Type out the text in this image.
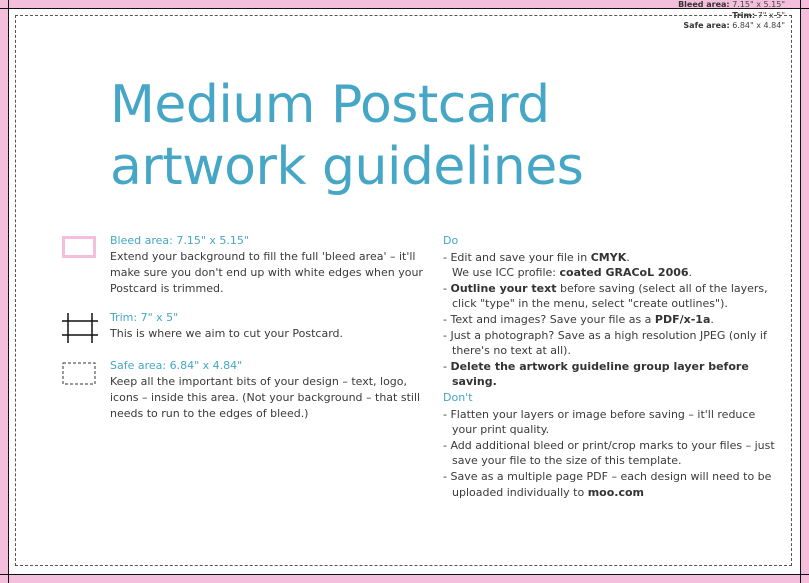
Bleed area: 7.15" x 5.15"
Trim: 7" x 5"
Safe area: 6.84" x 4.84"
Medium Postcard
artwork guidelines
Bleed area: 7.15" x 5.15"
Extend your background to fill the full 'bleed area' – it'll make sure you don't end up with white edges when your Postcard is trimmed.
Trim: 7" x 5"
This is where we aim to cut your Postcard.
Safe area: 6.84" x 4.84"
Keep all the important bits of your design – text, logo, icons – inside this area. (Not your background – that still needs to run to the edges of bleed.)
Do
- Edit and save your file in CMYK.
We use ICC profile: coated GRACoL 2006.
- Outline your text before saving (select all of the layers, click "type" in the menu, select "create outlines").
- Text and images? Save your file as a PDF/x-1a.
- Just a photograph? Save as a high resolution JPEG (only if there's no text at all).
- Delete the artwork guideline group layer before saving.
Don't
- Flatten your layers or image before saving – it'll reduce your print quality.
- Add additional bleed or print/crop marks to your files – just save your file to the size of this template.
- Save as a multiple page PDF – each design will need to be uploaded individually to moo.com
